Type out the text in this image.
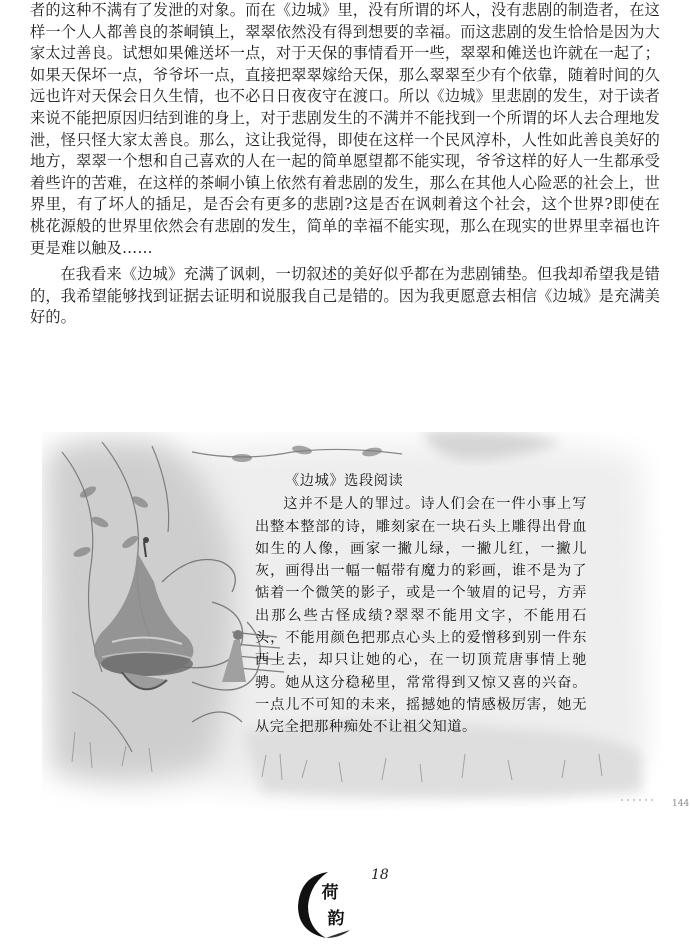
者的这种不满有了发泄的对象。而在《边城》里，没有所谓的坏人，没有悲剧的制造者，在这样一个人人都善良的茶峒镇上，翠翠依然没有得到想要的幸福。而这悲剧的发生恰恰是因为大家太过善良。试想如果傩送坏一点，对于天保的事情看开一些，翠翠和傩送也许就在一起了；如果天保坏一点，爷爷坏一点，直接把翠翠嫁给天保，那么翠翠至少有个依靠，随着时间的久远也许对天保会日久生情，也不必日日夜夜守在渡口。所以《边城》里悲剧的发生，对于读者来说不能把原因归结到谁的身上，对于悲剧发生的不满并不能找到一个所谓的坏人去合理地发泄，怪只怪大家太善良。那么，这让我觉得，即使在这样一个民风淳朴，人性如此善良美好的地方，翠翠一个想和自己喜欢的人在一起的简单愿望都不能实现，爷爷这样的好人一生都承受着些许的苦难，在这样的茶峒小镇上依然有着悲剧的发生，那么在其他人心险恶的社会上，世界里，有了坏人的插足，是否会有更多的悲剧?这是否在讽刺着这个社会，这个世界?即使在桃花源般的世界里依然会有悲剧的发生，简单的幸福不能实现，那么在现实的世界里幸福也许更是难以触及……

在我看来《边城》充满了讽刺，一切叙述的美好似乎都在为悲剧铺垫。但我却希望我是错的，我希望能够找到证据去证明和说服我自己是错的。因为我更愿意去相信《边城》是充满美好的。

《边城》选段阅读

这并不是人的罪过。诗人们会在一件小事上写出整本整部的诗，雕刻家在一块石头上雕得出骨血如生的人像，画家一撇儿绿，一撇儿红，一撇儿灰，画得出一幅一幅带有魔力的彩画，谁不是为了惦着一个微笑的影子，或是一个皱眉的记号，方弄出那么些古怪成绩?翠翠不能用文字，不能用石头，不能用颜色把那点心头上的爱憎移到别一件东西上去，却只让她的心，在一切顶荒唐事情上驰骋。她从这分稳秘里，常常得到又惊又喜的兴奋。一点儿不可知的未来，摇撼她的情感极厉害，她无从完全把那种痴处不让祖父知道。

荷
韵
18
144
